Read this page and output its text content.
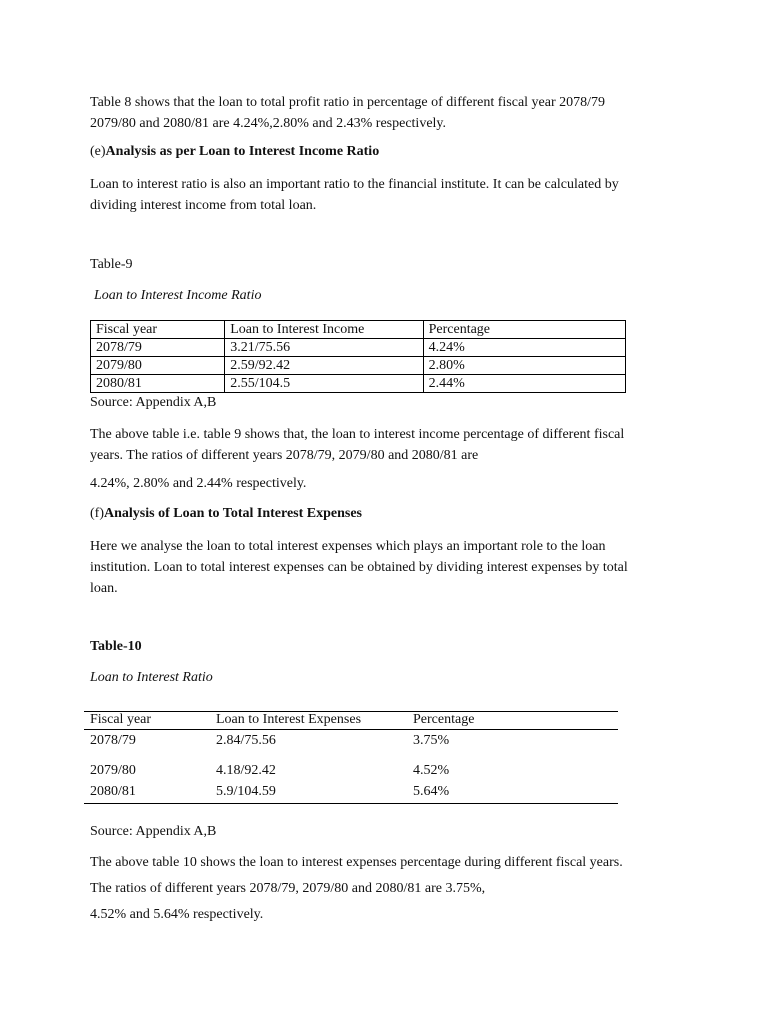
Table 8 shows that the loan to total profit ratio in percentage of different fiscal year 2078/79
2079/80 and 2080/81 are 4.24%,2.80% and 2.43% respectively.
(e)Analysis as per Loan to Interest Income Ratio
Loan to interest ratio is also an important ratio to the financial institute. It can be calculated by
dividing interest income from total loan.
Table-9
Loan to Interest Income Ratio
Fiscal year	Loan to Interest Income	Percentage
2078/79	3.21/75.56	4.24%
2079/80	2.59/92.42	2.80%
2080/81	2.55/104.5	2.44%
Source: Appendix A,B
The above table i.e. table 9 shows that, the loan to interest income percentage of different fiscal
years. The ratios of different years 2078/79, 2079/80 and 2080/81 are
4.24%, 2.80% and 2.44% respectively.
(f)Analysis of Loan to Total Interest Expenses
Here we analyse the loan to total interest expenses which plays an important role to the loan
institution. Loan to total interest expenses can be obtained by dividing interest expenses by total
loan.
Table-10
Loan to Interest Ratio
Fiscal year	Loan to Interest Expenses	Percentage
2078/79	2.84/75.56	3.75%
2079/80	4.18/92.42	4.52%
2080/81	5.9/104.59	5.64%
Source: Appendix A,B
The above table 10 shows the loan to interest expenses percentage during different fiscal years.
The ratios of different years 2078/79, 2079/80 and 2080/81 are 3.75%,
4.52% and 5.64% respectively.
